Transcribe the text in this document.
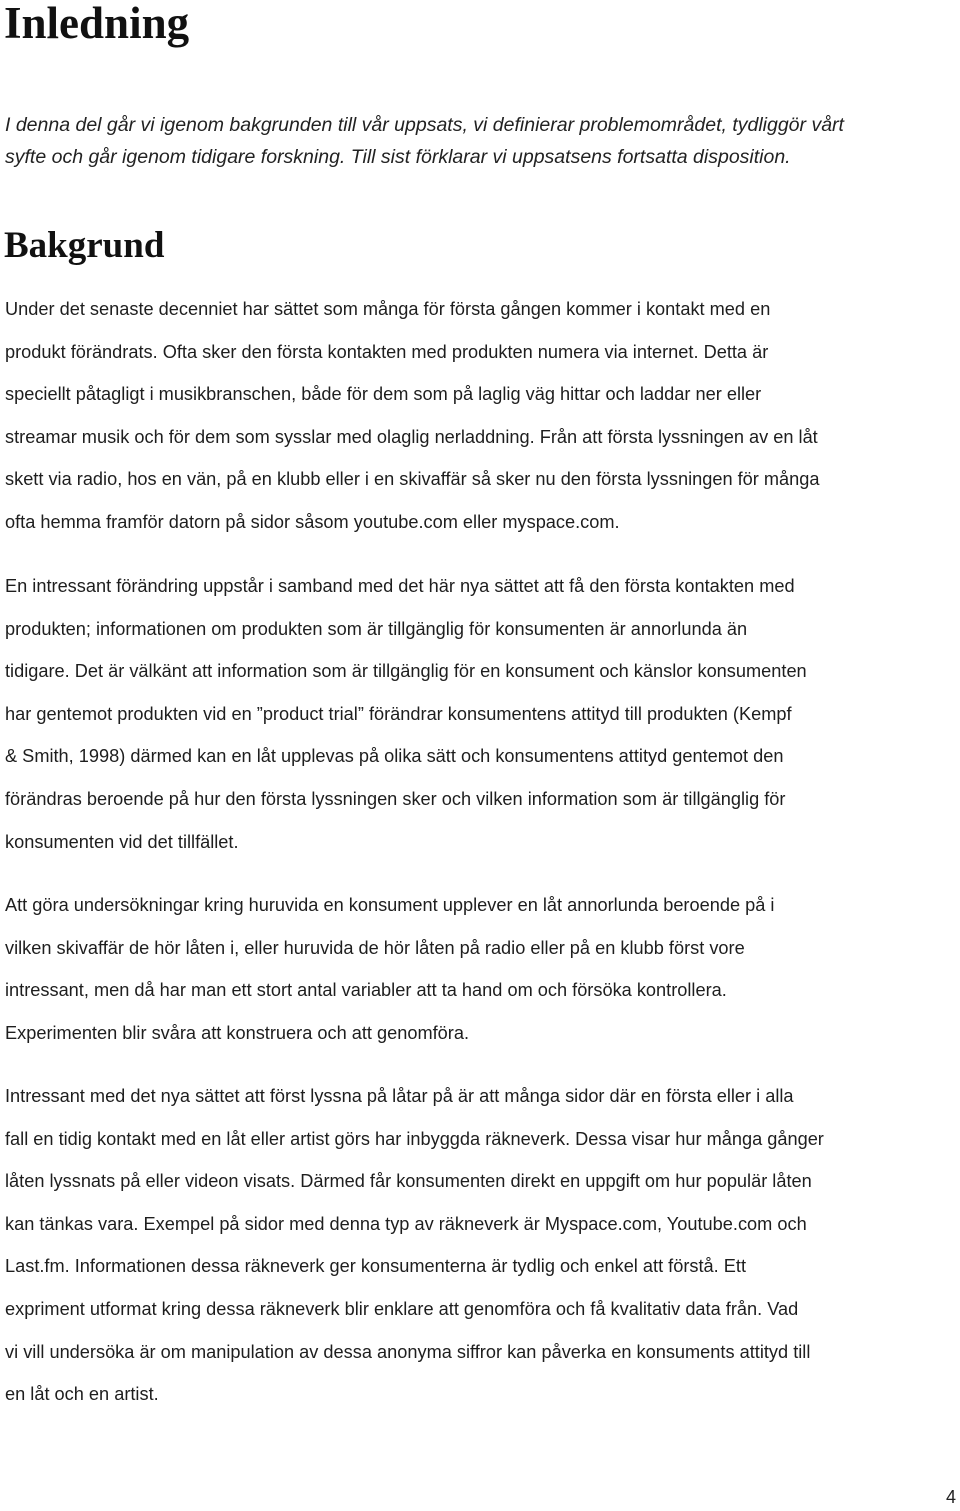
Inledning

I denna del går vi igenom bakgrunden till vår uppsats, vi definierar problemområdet, tydliggör vårt
syfte och går igenom tidigare forskning. Till sist förklarar vi uppsatsens fortsatta disposition.

Bakgrund

Under det senaste decenniet har sättet som många för första gången kommer i kontakt med en
produkt förändrats. Ofta sker den första kontakten med produkten numera via internet. Detta är
speciellt påtagligt i musikbranschen, både för dem som på laglig väg hittar och laddar ner eller
streamar musik och för dem som sysslar med olaglig nerladdning. Från att första lyssningen av en låt
skett via radio, hos en vän, på en klubb eller i en skivaffär så sker nu den första lyssningen för många
ofta hemma framför datorn på sidor såsom youtube.com eller myspace.com.

En intressant förändring uppstår i samband med det här nya sättet att få den första kontakten med
produkten; informationen om produkten som är tillgänglig för konsumenten är annorlunda än
tidigare. Det är välkänt att information som är tillgänglig för en konsument och känslor konsumenten
har gentemot produkten vid en ”product trial” förändrar konsumentens attityd till produkten (Kempf
& Smith, 1998) därmed kan en låt upplevas på olika sätt och konsumentens attityd gentemot den
förändras beroende på hur den första lyssningen sker och vilken information som är tillgänglig för
konsumenten vid det tillfället.

Att göra undersökningar kring huruvida en konsument upplever en låt annorlunda beroende på i
vilken skivaffär de hör låten i, eller huruvida de hör låten på radio eller på en klubb först vore
intressant, men då har man ett stort antal variabler att ta hand om och försöka kontrollera.
Experimenten blir svåra att konstruera och att genomföra.

Intressant med det nya sättet att först lyssna på låtar på är att många sidor där en första eller i alla
fall en tidig kontakt med en låt eller artist görs har inbyggda räkneverk. Dessa visar hur många gånger
låten lyssnats på eller videon visats. Därmed får konsumenten direkt en uppgift om hur populär låten
kan tänkas vara. Exempel på sidor med denna typ av räkneverk är Myspace.com, Youtube.com och
Last.fm. Informationen dessa räkneverk ger konsumenterna är tydlig och enkel att förstå. Ett
expriment utformat kring dessa räkneverk blir enklare att genomföra och få kvalitativ data från. Vad
vi vill undersöka är om manipulation av dessa anonyma siffror kan påverka en konsuments attityd till
en låt och en artist.

4
